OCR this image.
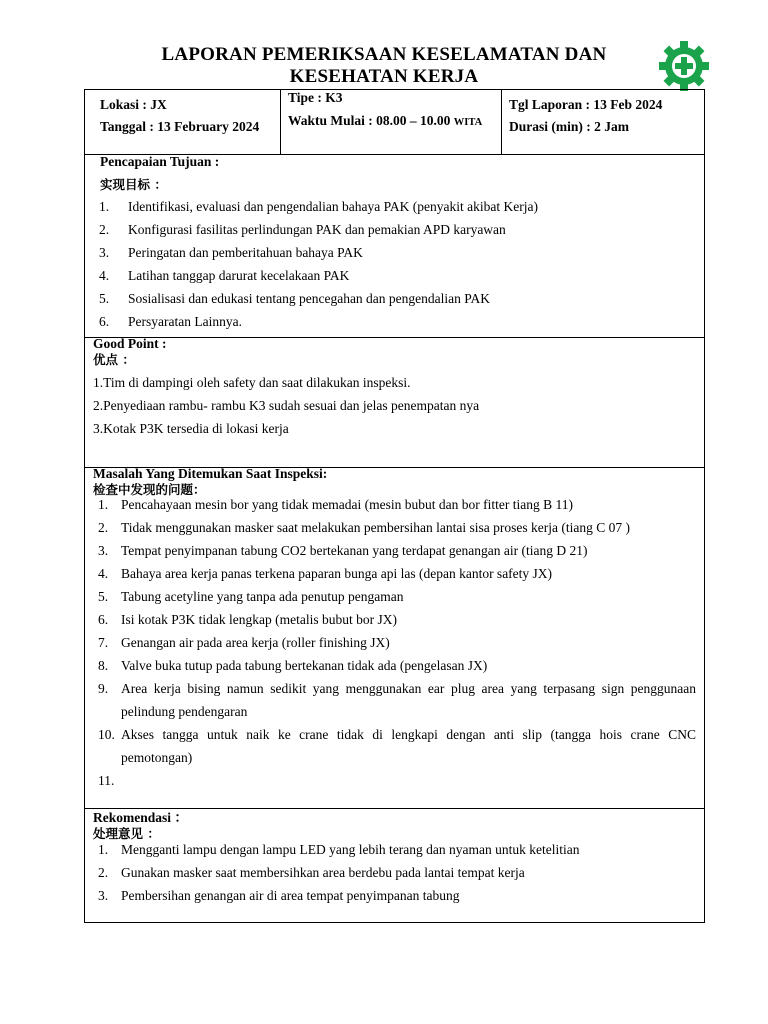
LAPORAN PEMERIKSAAN KESELAMATAN DAN
KESEHATAN KERJA
Lokasi : JX
Tanggal : 13 February 2024
Tipe : K3
Waktu Mulai : 08.00 – 10.00 WITA
Tgl Laporan : 13 Feb 2024
Durasi (min) : 2 Jam
Pencapaian Tujuan :
实现目标 ：
1. Identifikasi, evaluasi dan pengendalian bahaya PAK (penyakit akibat Kerja)
2. Konfigurasi fasilitas perlindungan PAK dan pemakian APD karyawan
3. Peringatan dan pemberitahuan bahaya PAK
4. Latihan tanggap darurat kecelakaan PAK
5. Sosialisasi dan edukasi tentang pencegahan dan pengendalian PAK
6. Persyaratan Lainnya.
Good Point :
优点 ：
1.Tim di dampingi oleh safety dan saat dilakukan inspeksi.
2.Penyediaan rambu- rambu K3 sudah sesuai dan jelas penempatan nya
3.Kotak P3K tersedia di lokasi kerja
Masalah Yang Ditemukan Saat Inspeksi:
检查中发现的问题：
1. Pencahayaan mesin bor yang tidak memadai (mesin bubut dan bor fitter tiang B 11)
2. Tidak menggunakan masker saat melakukan pembersihan lantai sisa proses kerja (tiang C 07 )
3. Tempat penyimpanan tabung CO2 bertekanan yang terdapat genangan air (tiang D 21)
4. Bahaya area kerja panas terkena paparan bunga api las (depan kantor safety JX)
5. Tabung acetyline yang tanpa ada penutup pengaman
6. Isi kotak P3K tidak lengkap (metalis bubut bor JX)
7. Genangan air pada area kerja (roller finishing JX)
8. Valve buka tutup pada tabung bertekanan tidak ada (pengelasan JX)
9. Area kerja bising namun sedikit yang menggunakan ear plug area yang terpasang sign penggunaan
pelindung pendengaran
10. Akses tangga untuk naik ke crane tidak di lengkapi dengan anti slip (tangga hois crane CNC
pemotongan)
11.
Rekomendasi ：
处理意见 ：
1. Mengganti lampu dengan lampu LED yang lebih terang dan nyaman untuk ketelitian
2. Gunakan masker saat membersihkan area berdebu pada lantai tempat kerja
3. Pembersihan genangan air di area tempat penyimpanan tabung
